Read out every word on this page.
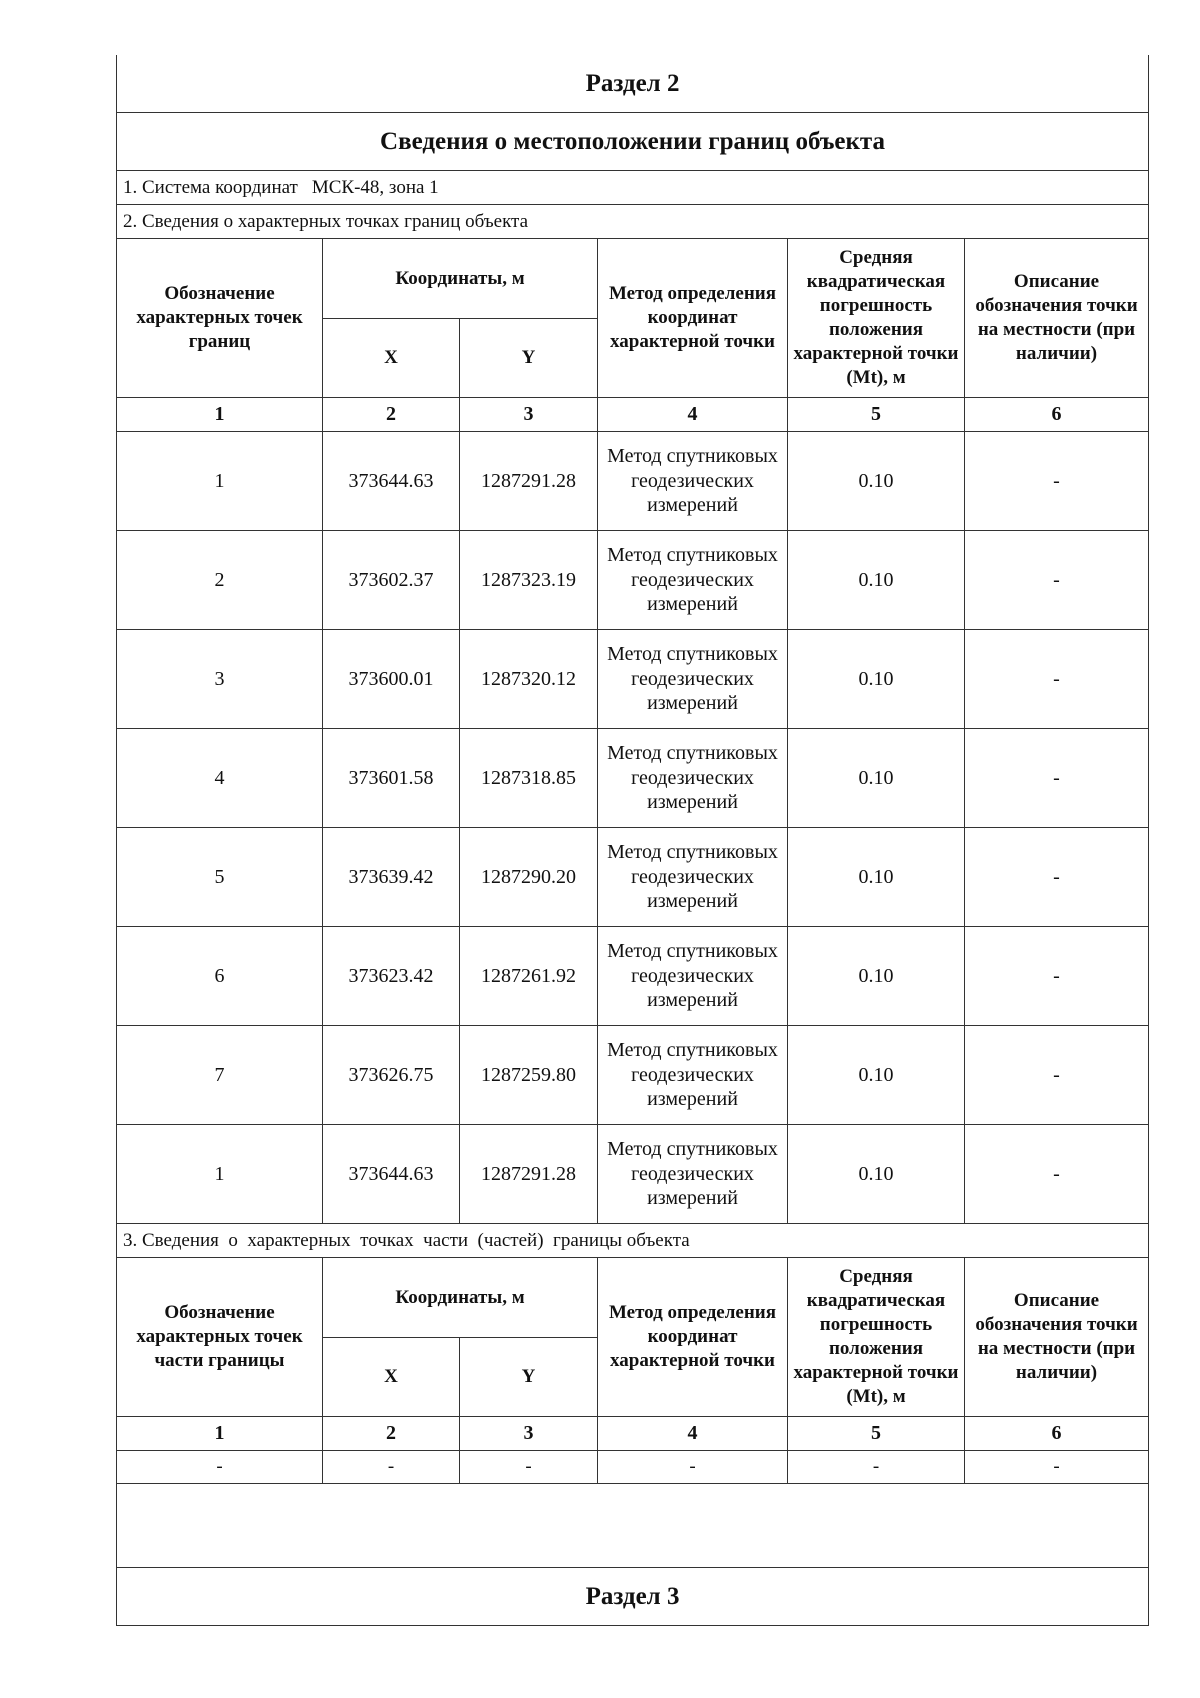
Раздел 2					
Сведения о местоположении границ объекта					
1. Система координат МСК-48, зона 1					
2. Сведения о характерных точках границ объекта					
Обозначение характерных точек границ	Координаты, м		Метод определения координат характерной точки	Средняя квадратическая погрешность положения характерной точки (Mt), м	Описание обозначения точки на местности (при наличии)
	X	Y			
1	2	3	4	5	6
1	373644.63	1287291.28	Метод спутниковых геодезических измерений	0.10	-
2	373602.37	1287323.19	Метод спутниковых геодезических измерений	0.10	-
3	373600.01	1287320.12	Метод спутниковых геодезических измерений	0.10	-
4	373601.58	1287318.85	Метод спутниковых геодезических измерений	0.10	-
5	373639.42	1287290.20	Метод спутниковых геодезических измерений	0.10	-
6	373623.42	1287261.92	Метод спутниковых геодезических измерений	0.10	-
7	373626.75	1287259.80	Метод спутниковых геодезических измерений	0.10	-
1	373644.63	1287291.28	Метод спутниковых геодезических измерений	0.10	-
3. Сведения  о  характерных  точках  части  (частей)  границы объекта					
Обозначение характерных точек части границы	Координаты, м		Метод определения координат характерной точки	Средняя квадратическая погрешность положения характерной точки (Mt), м	Описание обозначения точки на местности (при наличии)
	X	Y			
1	2	3	4	5	6
-	-	-	-	-	-

Раздел 3					
